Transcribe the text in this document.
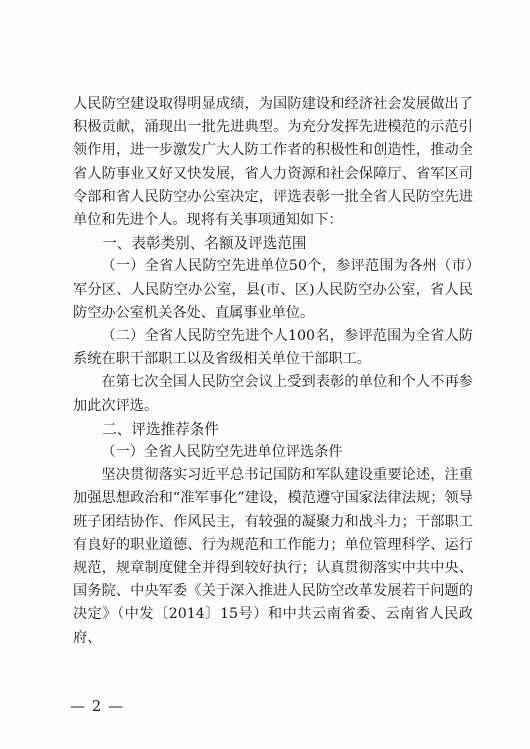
人民防空建设取得明显成绩，为国防建设和经济社会发展做出了积极贡献，涌现出一批先进典型。为充分发挥先进模范的示范引领作用，进一步激发广大人防工作者的积极性和创造性，推动全省人防事业又好又快发展，省人力资源和社会保障厅、省军区司令部和省人民防空办公室决定，评选表彰一批全省人民防空先进单位和先进个人。现将有关事项通知如下：

一、表彰类别、名额及评选范围

（一）全省人民防空先进单位50个，参评范围为各州（市）军分区、人民防空办公室，县(市、区)人民防空办公室，省人民防空办公室机关各处、直属事业单位。

（二）全省人民防空先进个人100名，参评范围为全省人防系统在职干部职工以及省级相关单位干部职工。

在第七次全国人民防空会议上受到表彰的单位和个人不再参加此次评选。

二、评选推荐条件

（一）全省人民防空先进单位评选条件

坚决贯彻落实习近平总书记国防和军队建设重要论述，注重加强思想政治和“准军事化”建设，模范遵守国家法律法规；领导班子团结协作、作风民主，有较强的凝聚力和战斗力；干部职工有良好的职业道德、行为规范和工作能力；单位管理科学、运行规范，规章制度健全并得到较好执行；认真贯彻落实中共中央、国务院、中央军委《关于深入推进人民防空改革发展若干问题的决定》（中发〔2014〕15号）和中共云南省委、云南省人民政府、

— 2 —
